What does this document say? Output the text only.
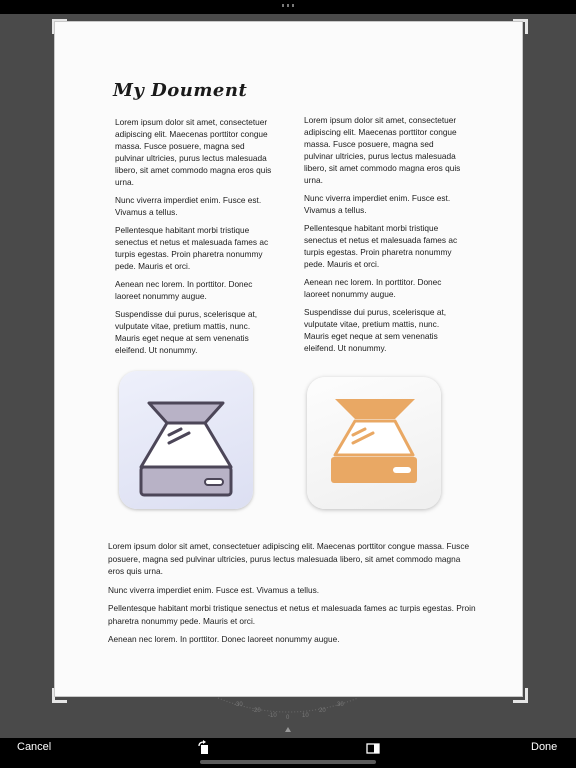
My Doument

Lorem ipsum dolor sit amet, consectetuer adipiscing elit. Maecenas porttitor congue massa. Fusce posuere, magna sed pulvinar ultricies, purus lectus malesuada libero, sit amet commodo magna eros quis urna.

Nunc viverra imperdiet enim. Fusce est. Vivamus a tellus.

Pellentesque habitant morbi tristique senectus et netus et malesuada fames ac turpis egestas. Proin pharetra nonummy pede. Mauris et orci.

Aenean nec lorem. In porttitor. Donec laoreet nonummy augue.

Suspendisse dui purus, scelerisque at, vulputate vitae, pretium mattis, nunc. Mauris eget neque at sem venenatis eleifend. Ut nonummy.

Lorem ipsum dolor sit amet, consectetuer adipiscing elit. Maecenas porttitor congue massa. Fusce posuere, magna sed pulvinar ultricies, purus lectus malesuada libero, sit amet commodo magna eros quis urna.

Nunc viverra imperdiet enim. Fusce est. Vivamus a tellus.

Pellentesque habitant morbi tristique senectus et netus et malesuada fames ac turpis egestas. Proin pharetra nonummy pede. Mauris et orci.

Aenean nec lorem. In porttitor. Donec laoreet nonummy augue.

Suspendisse dui purus, scelerisque at, vulputate vitae, pretium mattis, nunc. Mauris eget neque at sem venenatis eleifend. Ut nonummy.

Lorem ipsum dolor sit amet, consectetuer adipiscing elit. Maecenas porttitor congue massa. Fusce posuere, magna sed pulvinar ultricies, purus lectus malesuada libero, sit amet commodo magna eros quis urna.

Nunc viverra imperdiet enim. Fusce est. Vivamus a tellus.

Pellentesque habitant morbi tristique senectus et netus et malesuada fames ac turpis egestas. Proin pharetra nonummy pede. Mauris et orci.

Aenean nec lorem. In porttitor. Donec laoreet nonummy augue.

-30
-20
-10 0 10
20
30
Cancel	Done
